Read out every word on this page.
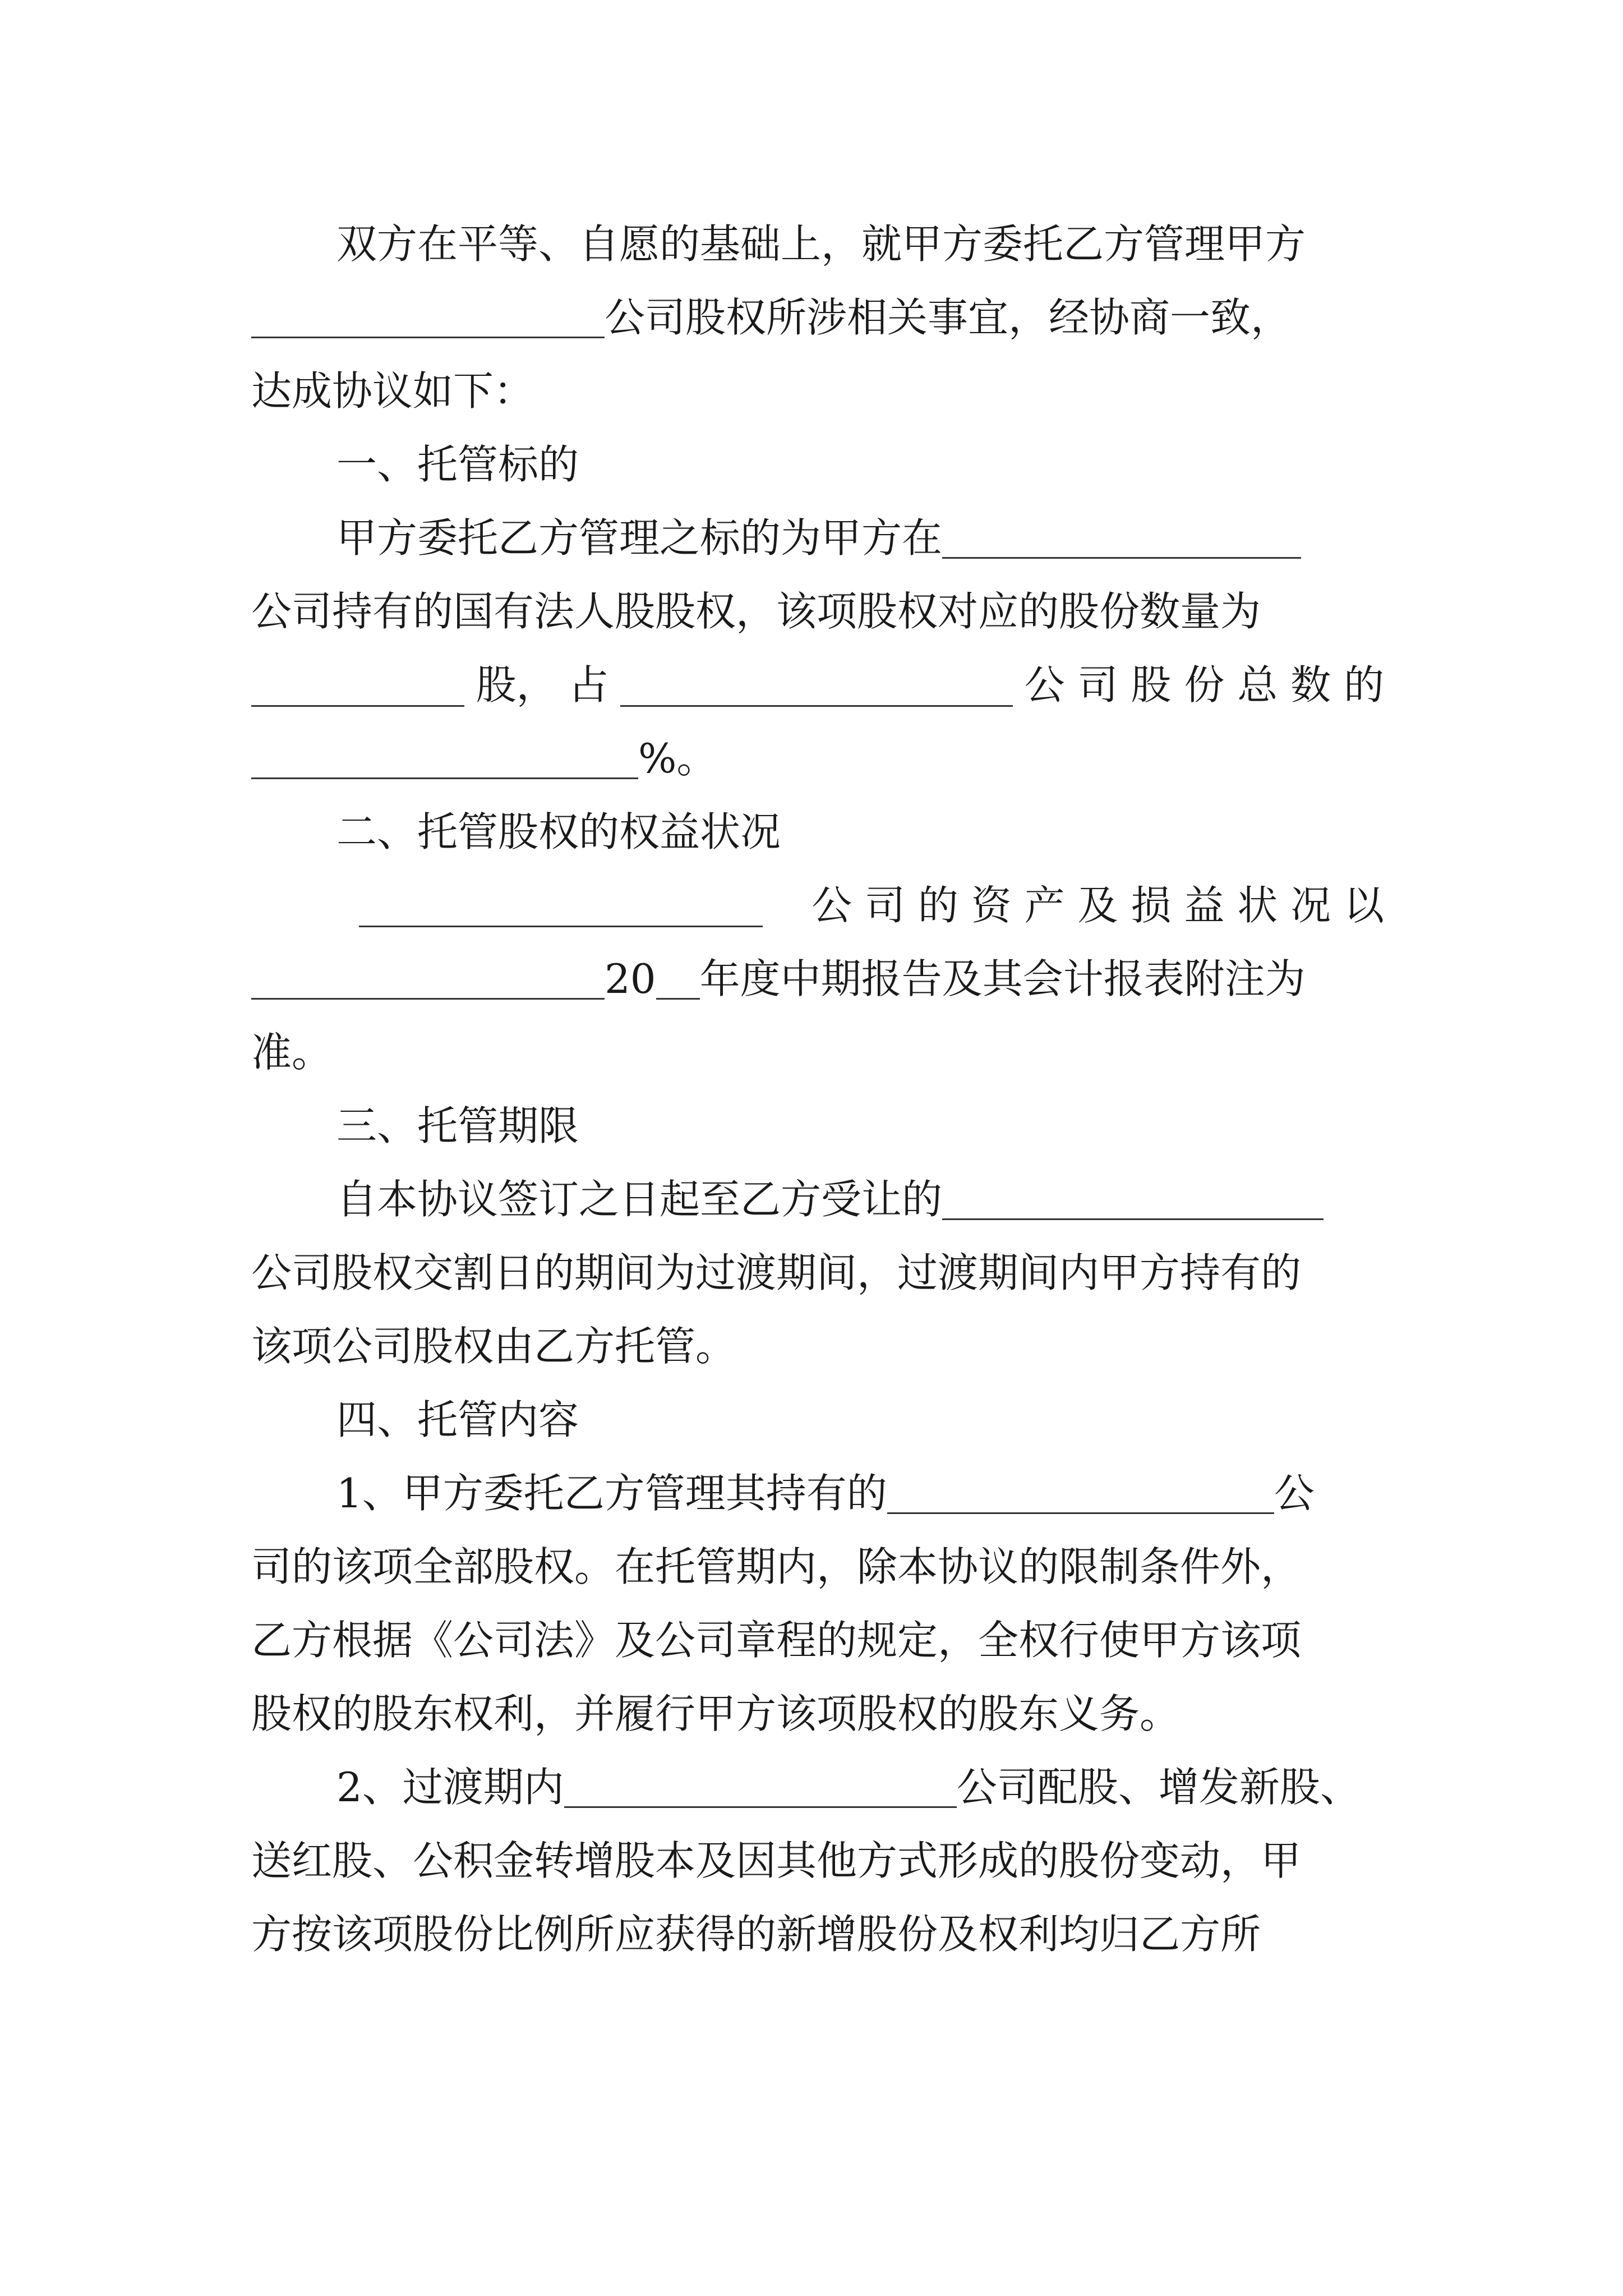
双方在平等、自愿的基础上，就甲方委托乙方管理甲方
公司股权所涉相关事宜，经协商一致，
达成协议如下：
一、托管标的
甲方委托乙方管理之标的为甲方在
公司持有的国有法人股股权，该项股权对应的股份数量为
股， 占	公 司 股 份 总 数 的
%。
二、托管股权的权益状况
公 司 的 资 产 及 损 益 状 况 以
20 年度中期报告及其会计报表附注为
准。
三、托管期限
自本协议签订之日起至乙方受让的
公司股权交割日的期间为过渡期间，过渡期间内甲方持有的
该项公司股权由乙方托管。
四、托管内容
1、甲方委托乙方管理其持有的	公
司的该项全部股权。在托管期内，除本协议的限制条件外，
乙方根据《公司法》及公司章程的规定，全权行使甲方该项
股权的股东权利，并履行甲方该项股权的股东义务。
2、过渡期内	公司配股、增发新股、
送红股、公积金转增股本及因其他方式形成的股份变动，甲
方按该项股份比例所应获得的新增股份及权利均归乙方所
